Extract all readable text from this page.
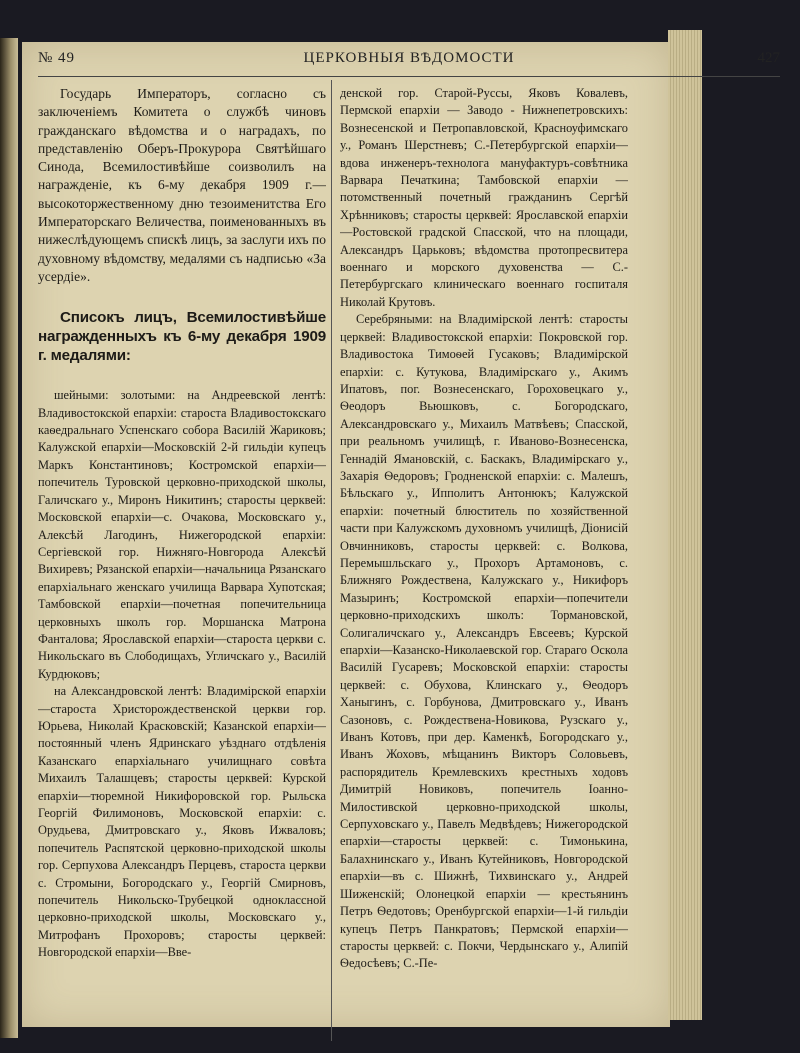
№ 49	ЦЕРКОВНЫЯ ВѢДОМОСТИ	427

Государь Императоръ, согласно съ заключеніемъ Комитета о службѣ чиновъ гражданскаго вѣдомства и о наградахъ, по представленію Оберъ-Прокурора Святѣйшаго Синода, Всемилостивѣйше соизволилъ на награжденіе, къ 6-му декабря 1909 г.—высокоторжественному дню тезоименитства Его Императорскаго Величества, поименованныхъ въ нижеслѣдующемъ спискѣ лицъ, за заслуги ихъ по духовному вѣдомству, медалями съ надписью «За усердіе».

Списокъ лицъ, Всемилостивѣйше награжденныхъ къ 6-му декабря 1909 г. медалями:

шейными: золотыми: на Андреевской лентѣ: Владивостокской епархіи: староста Владивостокскаго каѳедральнаго Успенскаго собора Василій Жариковъ; Калужской епархіи—Московскій 2-й гильдіи купецъ Маркъ Константиновъ; Костромской епархіи—попечитель Туровской церковно-приходской школы, Галичскаго у., Миронъ Никитинъ; старосты церквей: Московской епархіи—с. Очакова, Московскаго у., Алексѣй Лагодинъ, Нижегородской епархіи: Сергіевской гор. Нижняго-Новгорода Алексѣй Вихиревъ; Рязанской епархіи—начальница Рязанскаго епархіальнаго женскаго училища Варвара Хупотская; Тамбовской епархіи—почетная попечительница церковныхъ школъ гор. Моршанска Матрона Фанталова; Ярославской епархіи—староста церкви с. Никольскаго въ Слободищахъ, Угличскаго у., Василій Курдюковъ;

на Александровской лентѣ: Владимірской епархіи—староста Христорождественской церкви гор. Юрьева, Николай Красковскій; Казанской епархіи—постоянный членъ Ядринскаго уѣзднаго отдѣленія Казанскаго епархіальнаго училищнаго совѣта Михаилъ Талашцевъ; старосты церквей: Курской епархіи—тюремной Никифоровской гор. Рыльска Георгій Филимоновъ, Московской епархіи: с. Орудьева, Дмитровскаго у., Яковъ Ижваловъ; попечитель Распятской церковно-приходской школы гор. Серпухова Александръ Перцевъ, староста церкви с. Стромыни, Богородскаго у., Георгій Смирновъ, попечитель Никольско-Трубецкой одноклассной церковно-приходской школы, Московскаго у., Митрофанъ Прохоровъ; старосты церквей: Новгородской епархіи—Вве-

денской гор. Старой-Руссы, Яковъ Ковалевъ, Пермской епархіи — Заводо - Нижнепетровскихъ: Вознесенской и Петропавловской, Красноуфимскаго у., Романъ Шерстневъ; С.-Петербургской епархіи—вдова инженеръ-технолога мануфактуръ-совѣтника Варвара Печаткина; Тамбовской епархіи — потомственный почетный гражданинъ Сергѣй Хрѣнниковъ; старосты церквей: Ярославской епархіи—Ростовской градской Спасской, что на площади, Александръ Царьковъ; вѣдомства протопресвитера военнаго и морского духовенства — С.-Петербургскаго клиническаго военнаго госпиталя Николай Крутовъ.

Серебряными: на Владимірской лентѣ: старосты церквей: Владивостокской епархіи: Покровской гор. Владивостока Тимоѳей Гусаковъ; Владимірской епархіи: с. Кутукова, Владимірскаго у., Акимъ Ипатовъ, пог. Вознесенскаго, Гороховецкаго у., Ѳеодоръ Вьюшковъ, с. Богородскаго, Александровскаго у., Михаилъ Матвѣевъ; Спасской, при реальномъ училищѣ, г. Иваново-Вознесенска, Геннадій Ямановскій, с. Баскакъ, Владимірскаго у., Захарія Ѳедоровъ; Гродненской епархіи: с. Малешъ, Бѣльскаго у., Ипполитъ Антонюкъ; Калужской епархіи: почетный блюститель по хозяйственной части при Калужскомъ духовномъ училищѣ, Діонисій Овчинниковъ, старосты церквей: с. Волкова, Перемышльскаго у., Прохоръ Артамоновъ, с. Ближняго Рождествена, Калужскаго у., Никифоръ Мазыринъ; Костромской епархіи—попечители церковно-приходскихъ школъ: Тормановской, Солигаличскаго у., Александръ Евсеевъ; Курской епархіи—Казанско-Николаевской гор. Стараго Оскола Василій Гусаревъ; Московской епархіи: старосты церквей: с. Обухова, Клинскаго у., Ѳеодоръ Ханыгинъ, с. Горбунова, Дмитровскаго у., Иванъ Сазоновъ, с. Рождествена-Новикова, Рузскаго у., Иванъ Котовъ, при дер. Каменкѣ, Богородскаго у., Иванъ Жоховъ, мѣщанинъ Викторъ Соловьевъ, распорядитель Кремлевскихъ крестныхъ ходовъ Димитрій Новиковъ, попечитель Іоанно-Милостивской церковно-приходской школы, Серпуховскаго у., Павелъ Медвѣдевъ; Нижегородской епархіи—старосты церквей: с. Тимонькина, Балахнинскаго у., Иванъ Кутейниковъ, Новгородской епархіи—въ с. Шижнѣ, Тихвинскаго у., Андрей Шиженскій; Олонецкой епархіи — крестьянинъ Петръ Ѳедотовъ; Оренбургской епархіи—1-й гильдіи купецъ Петръ Панкратовъ; Пермской епархіи—старосты церквей: с. Покчи, Чердынскаго у., Алипій Ѳедосѣевъ; С.-Пе-
